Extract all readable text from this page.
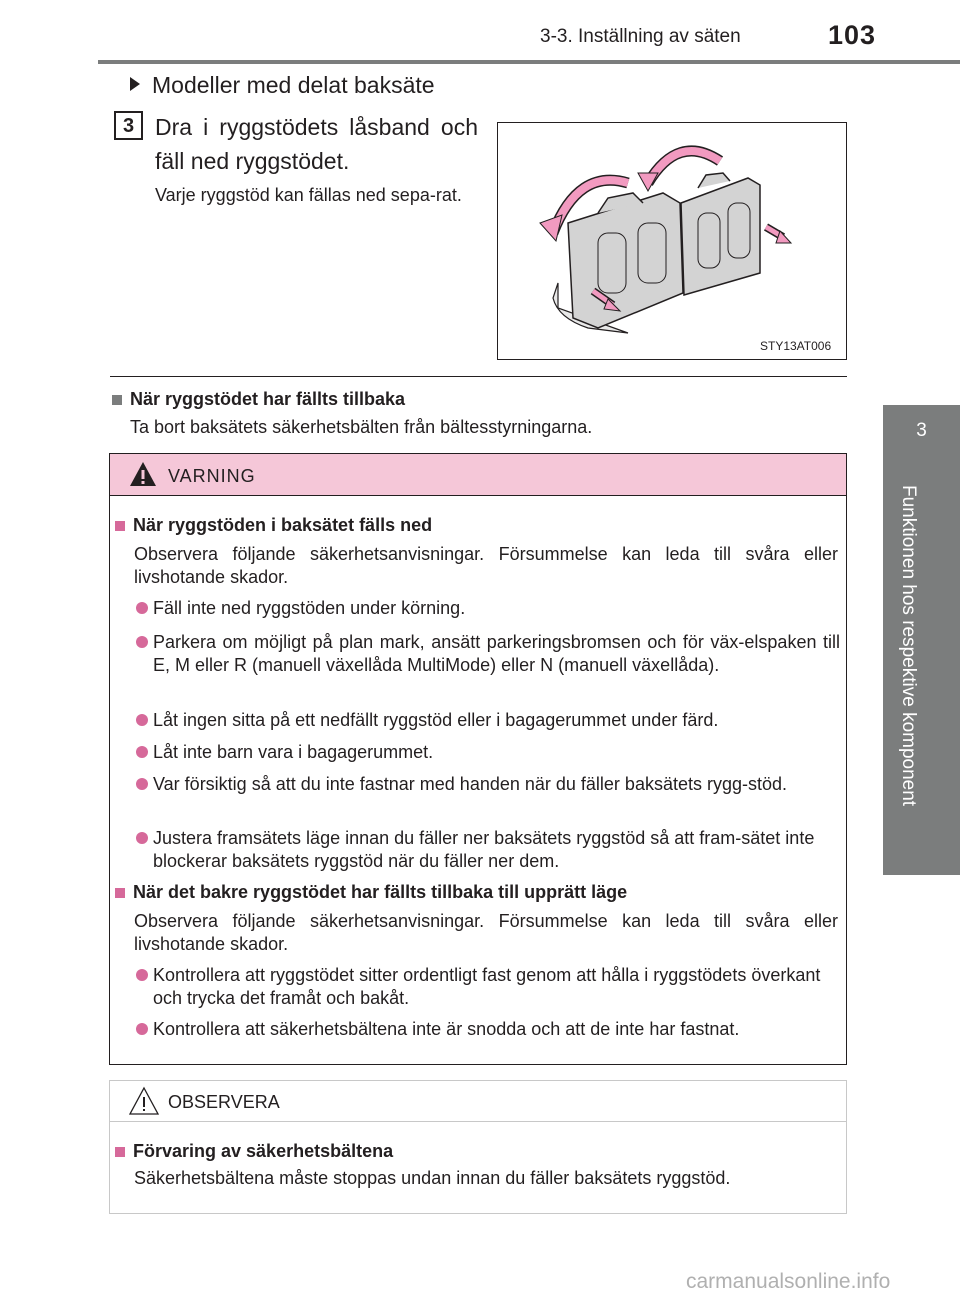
3-3. Inställning av säten	103
3
Funktionen hos respektive komponent
Modeller med delat baksäte
3 Dra i ryggstödets låsband och fäll ned ryggstödet.
Varje ryggstöd kan fällas ned sepa-rat.
STY13AT006
När ryggstödet har fällts tillbaka
Ta bort baksätets säkerhetsbälten från bältesstyrningarna.
VARNING
När ryggstöden i baksätet fälls ned
Observera följande säkerhetsanvisningar. Försummelse kan leda till svåra eller livshotande skador.
Fäll inte ned ryggstöden under körning.
Parkera om möjligt på plan mark, ansätt parkeringsbromsen och för väx-elspaken till E, M eller R (manuell växellåda MultiMode) eller N (manuell växellåda).
Låt ingen sitta på ett nedfällt ryggstöd eller i bagagerummet under färd.
Låt inte barn vara i bagagerummet.
Var försiktig så att du inte fastnar med handen när du fäller baksätets rygg-stöd.
Justera framsätets läge innan du fäller ner baksätets ryggstöd så att fram-sätet inte blockerar baksätets ryggstöd när du fäller ner dem.
När det bakre ryggstödet har fällts tillbaka till upprätt läge
Observera följande säkerhetsanvisningar. Försummelse kan leda till svåra eller livshotande skador.
Kontrollera att ryggstödet sitter ordentligt fast genom att hålla i ryggstödets överkant och trycka det framåt och bakåt.
Kontrollera att säkerhetsbältena inte är snodda och att de inte har fastnat.
OBSERVERA
Förvaring av säkerhetsbältena
Säkerhetsbältena måste stoppas undan innan du fäller baksätets ryggstöd.
carmanualsonline.info
